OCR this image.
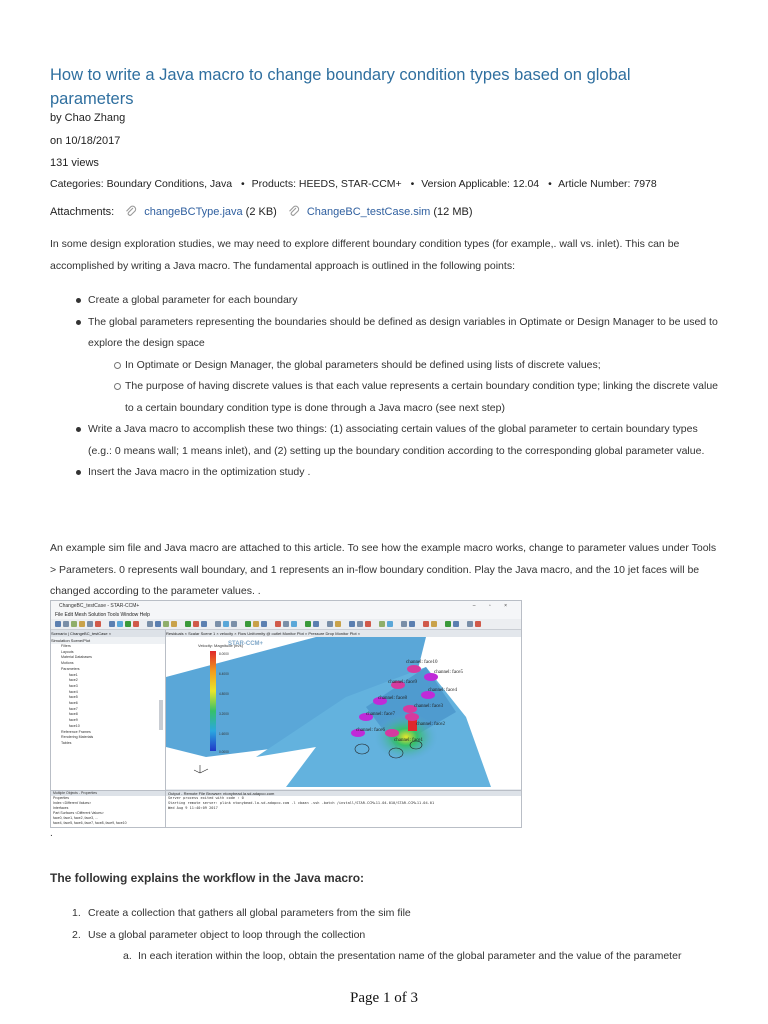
How to write a Java macro to change boundary condition types based on global parameters
by Chao Zhang
on 10/18/2017
131 views
Categories: Boundary Conditions, Java • Products: HEEDS, STAR-CCM+ • Version Applicable: 12.04 • Article Number: 7978
Attachments:	changeBCType.java (2 KB)	ChangeBC_testCase.sim (12 MB)
In some design exploration studies, we may need to explore different boundary condition types (for example,. wall vs. inlet). This can be accomplished by writing a Java macro. The fundamental approach is outlined in the following points:
Create a global parameter for each boundary
The global parameters representing the boundaries should be defined as design variables in Optimate or Design Manager to be used to explore the design space
In Optimate or Design Manager, the global parameters should be defined using lists of discrete values;
The purpose of having discrete values is that each value represents a certain boundary condition type; linking the discrete value to a certain boundary condition type is done through a Java macro (see next step)
Write a Java macro to accomplish these two things: (1) associating certain values of the global parameter to certain boundary types (e.g.: 0 means wall; 1 means inlet), and (2) setting up the boundary condition according to the corresponding global parameter value.
Insert the Java macro in the optimization study .
An example sim file and Java macro are attached to this article. To see how the example macro works, change to parameter values under Tools > Parameters. 0 represents wall boundary, and 1 represents an in-flow boundary condition. Play the Java macro, and the 10 jet faces will be changed according to the parameter values. .
ChangeBC_testCase - STAR-CCM+	‒ ▫ ×
File Edit Mesh Solution Tools Window Help
Scenario | ChangeBC_testCase ×
Simulation Scene/Plot
Filters
Layouts
Material Databases
Motions
Parameters
face1
face2
face3
face4
face5
face6
face7
face8
face9
face10
Reference Frames
Rendering Materials
Tables
Multiple Objects - Properties
Properties
Index <Different Values>
Interfaces
Part Surfaces <Different Values>
face0, face1, face2, face3, ...
face4, face5, face6, face7, face8, face9, face10
Residuals × Scalar Scene 1 × velocity × Flow Uniformity @ outlet Monitor Plot × Pressure Drop Monitor Plot ×
Velocity: Magnitude (m/s)
8.0000
6.4000
4.8000
3.2000
1.6000
0.0000
STAR-CCM+
channel: face10
channel: face5
channel: face9
channel: face4
channel: face8
channel: face3
channel: face7
channel: face2
channel: face6
channel: face1
Output - Remote File Browser: ntonybead.la.sd.adapco.com
Server process exited with code : 0
Starting remote server: plink ntonybead.la.sd-adapco.com -l cbaan -ssh -batch /install/STAR-CCM+11.04.010/STAR-CCM+11.04.01
Wed Aug 9 11:40:09 2017
.
The following explains the workflow in the Java macro:
1. Create a collection that gathers all global parameters from the sim file
2. Use a global parameter object to loop through the collection
a. In each iteration within the loop, obtain the presentation name of the global parameter and the value of the parameter
Page 1 of 3
